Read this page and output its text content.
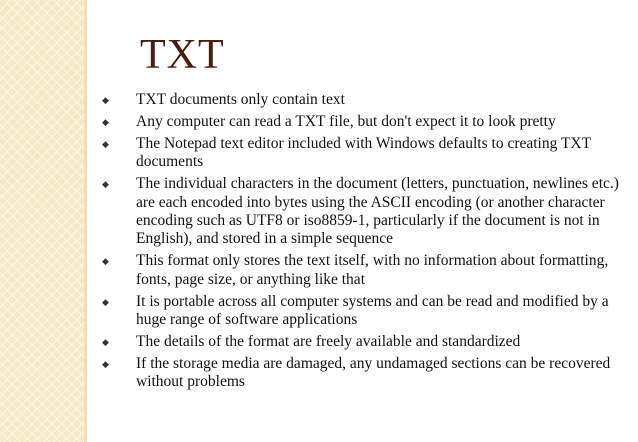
TXT
◆ TXT documents only contain text
◆ Any computer can read a TXT file, but don't expect it to look pretty
◆ The Notepad text editor included with Windows defaults to creating TXT documents
◆ The individual characters in the document (letters, punctuation, newlines etc.) are each encoded into bytes using the ASCII encoding (or another character encoding such as UTF8 or iso8859-1, particularly if the document is not in English), and stored in a simple sequence
◆ This format only stores the text itself, with no information about formatting, fonts, page size, or anything like that
◆ It is portable across all computer systems and can be read and modified by a huge range of software applications
◆ The details of the format are freely available and standardized
◆ If the storage media are damaged, any undamaged sections can be recovered without problems
